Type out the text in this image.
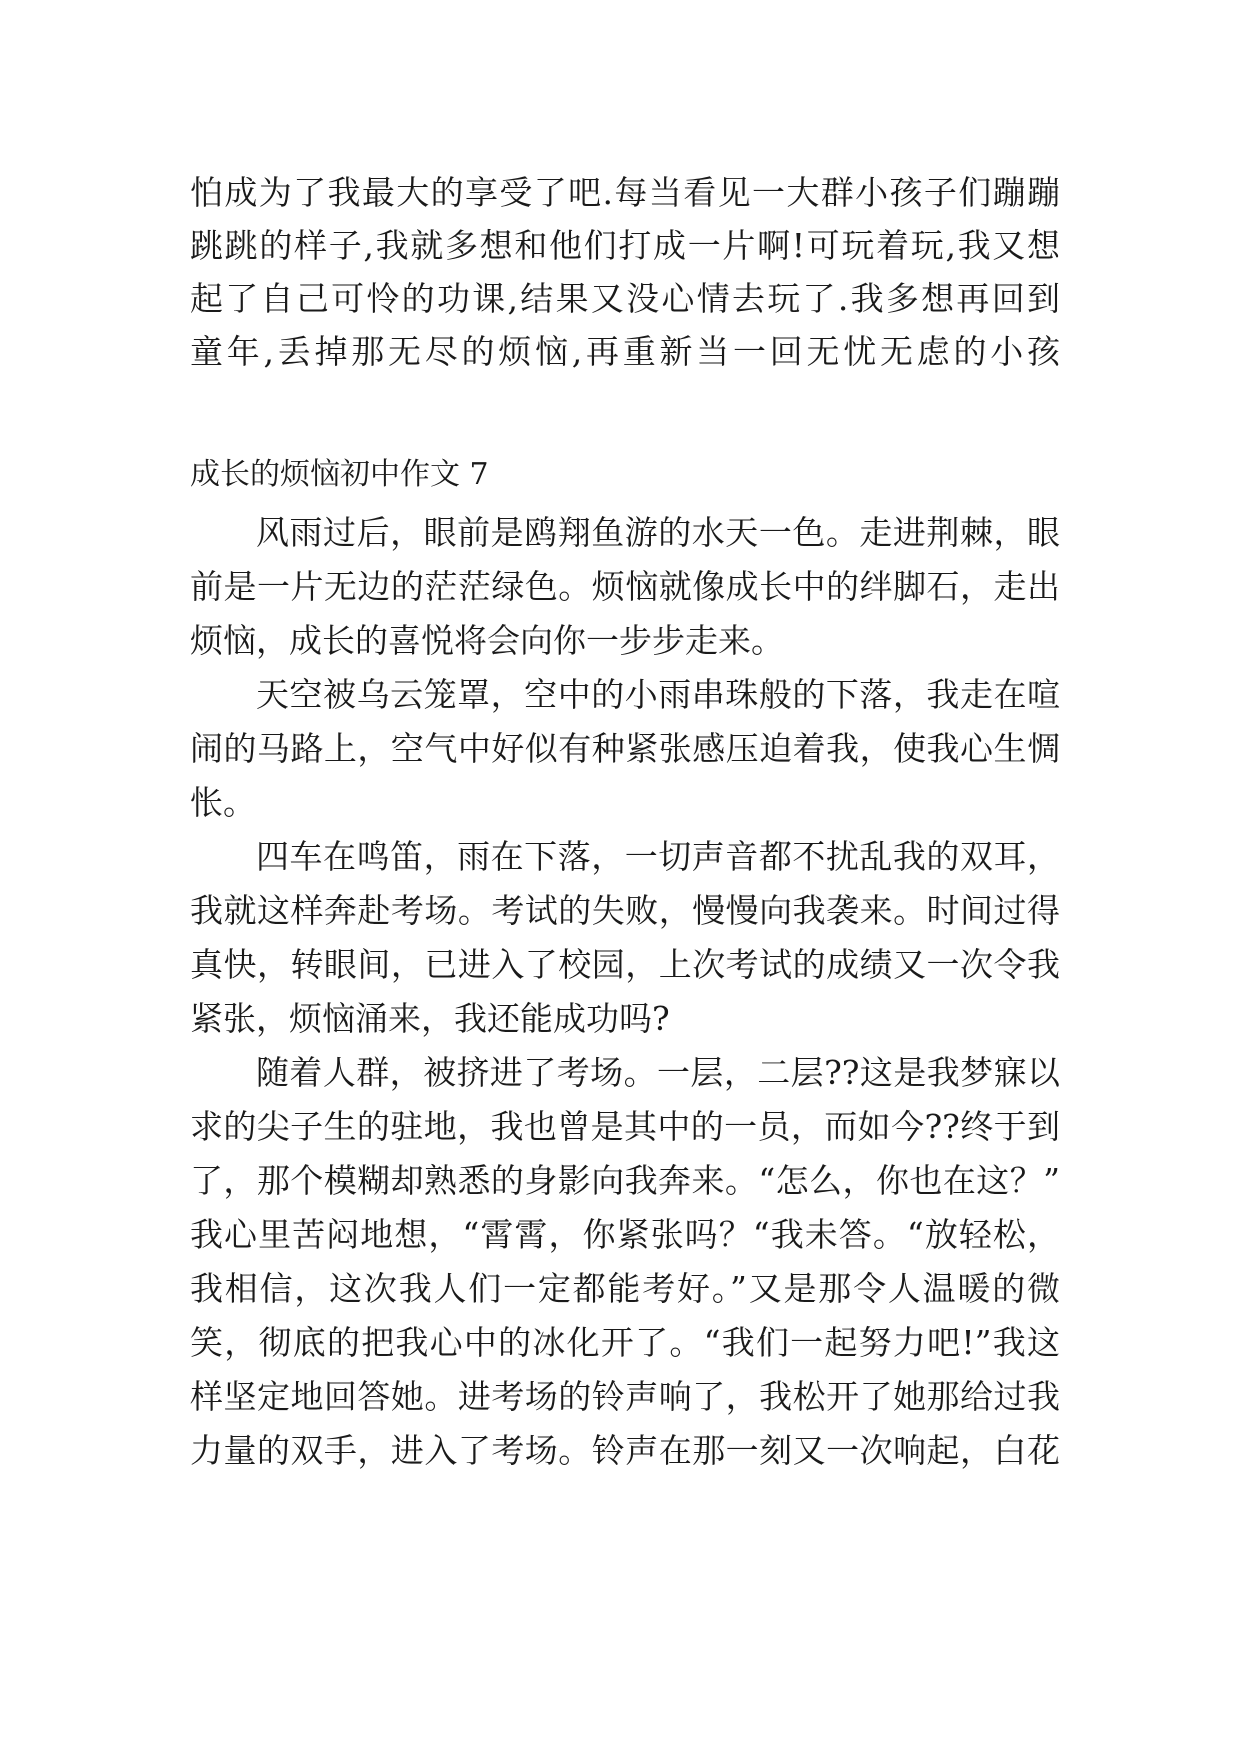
怕成为了我最大的享受了吧.每当看见一大群小孩子们蹦蹦
跳跳的样子,我就多想和他们打成一片啊!可玩着玩,我又想
起了自己可怜的功课,结果又没心情去玩了.我多想再回到
童年,丢掉那无尽的烦恼,再重新当一回无忧无虑的小孩
成长的烦恼初中作文 7
风雨过后，眼前是鸥翔鱼游的水天一色。走进荆棘，眼
前是一片无边的茫茫绿色。烦恼就像成长中的绊脚石，走出
烦恼，成长的喜悦将会向你一步步走来。
天空被乌云笼罩，空中的小雨串珠般的下落，我走在喧
闹的马路上，空气中好似有种紧张感压迫着我，使我心生惆
怅。
四车在鸣笛，雨在下落，一切声音都不扰乱我的双耳，
我就这样奔赴考场。考试的失败，慢慢向我袭来。时间过得
真快，转眼间，已进入了校园，上次考试的成绩又一次令我
紧张，烦恼涌来，我还能成功吗?
随着人群，被挤进了考场。一层，二层??这是我梦寐以
求的尖子生的驻地，我也曾是其中的一员，而如今??终于到
了，那个模糊却熟悉的身影向我奔来。“怎么，你也在这？”
我心里苦闷地想，“霄霄，你紧张吗？“我未答。“放轻松，
我相信，这次我人们一定都能考好。”又是那令人温暖的微
笑，彻底的把我心中的冰化开了。“我们一起努力吧!”我这
样坚定地回答她。进考场的铃声响了，我松开了她那给过我
力量的双手，进入了考场。铃声在那一刻又一次响起，白花
